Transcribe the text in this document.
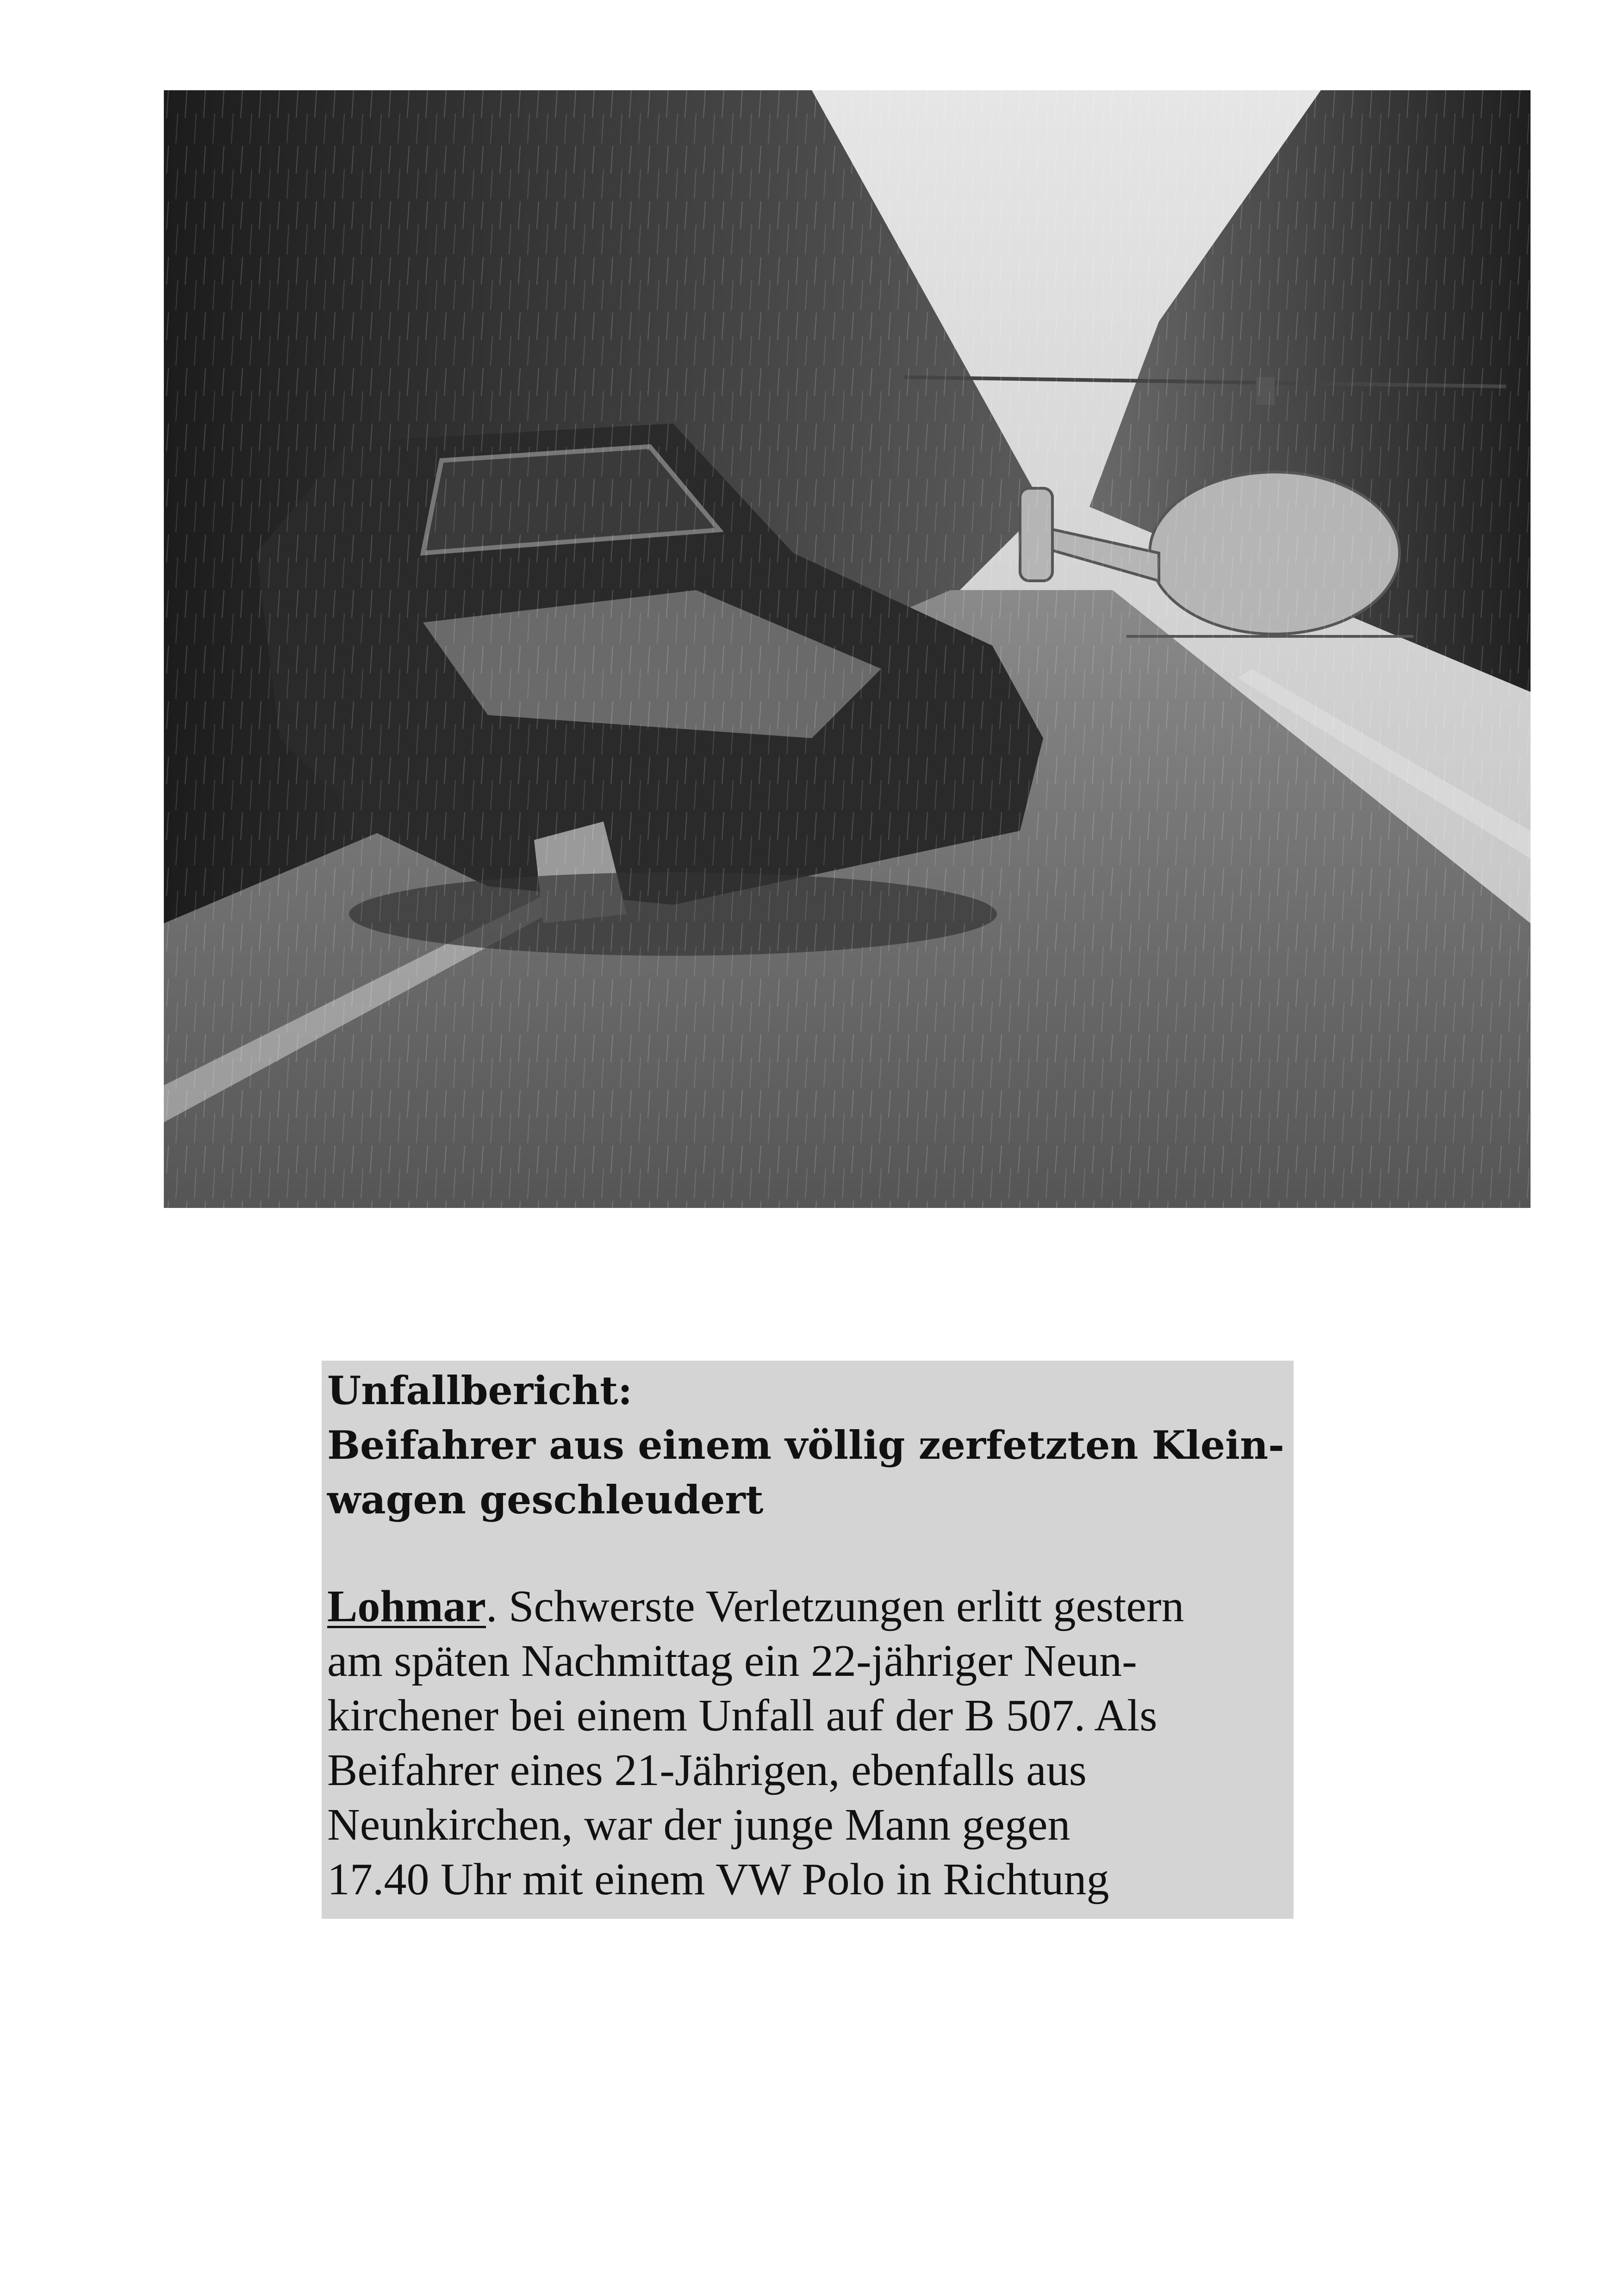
Unfallbericht:
Beifahrer aus einem völlig zerfetzten Klein-
wagen geschleudert
Lohmar. Schwerste Verletzungen erlitt gestern
am späten Nachmittag ein 22-jähriger Neun-
kirchener bei einem Unfall auf der B 507. Als
Beifahrer eines 21-Jährigen, ebenfalls aus
Neunkirchen, war der junge Mann gegen
17.40 Uhr mit einem VW Polo in Richtung
